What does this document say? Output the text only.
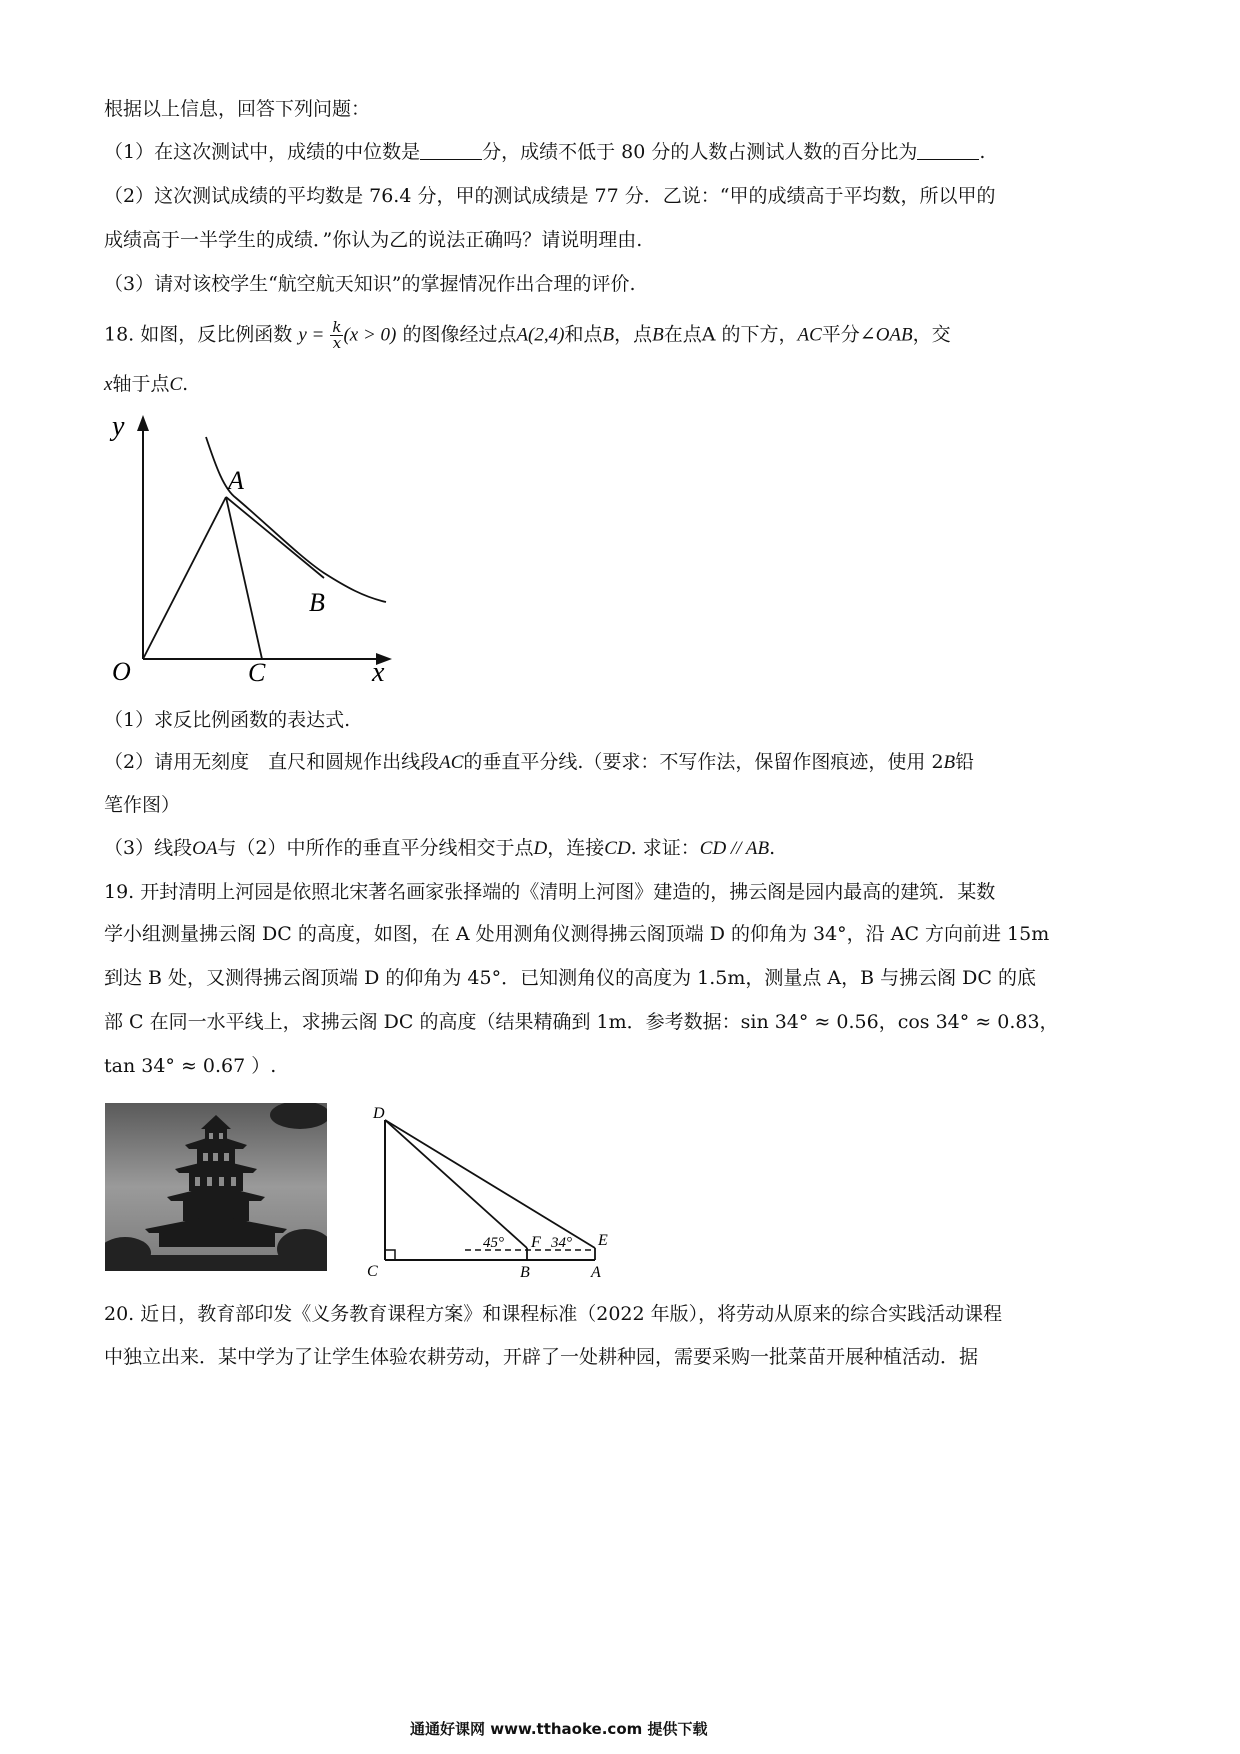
根据以上信息，回答下列问题：
（1）在这次测试中，成绩的中位数是	分，成绩不低于 80 分的人数占测试人数的百分比为	.
（2）这次测试成绩的平均数是 76.4 分，甲的测试成绩是 77 分．乙说：“甲的成绩高于平均数，所以甲的
成绩高于一半学生的成绩．”你认为乙的说法正确吗？请说明理由.
（3）请对该校学生“航空航天知识”的掌握情况作出合理的评价.
18. 如图，反比例函数 $y = \frac{k}{x} (x > 0)$ 的图像经过点A(2,4)和点B，点B在点A 的下方，AC平分∠OAB，交
x轴于点C.
y
x
O
A
B
C
（1）求反比例函数的表达式.
（2）请用无刻度　直尺和圆规作出线段AC的垂直平分线.（要求：不写作法，保留作图痕迹，使用 2B铅
笔作图）
（3）线段OA与（2）中所作的垂直平分线相交于点D，连接CD. 求证：CD // AB.
19. 开封清明上河园是依照北宋著名画家张择端的《清明上河图》建造的，拂云阁是园内最高的建筑．某数
学小组测量拂云阁 DC 的高度，如图，在 A 处用测角仪测得拂云阁顶端 D 的仰角为 34°，沿 AC 方向前进 15m
到达 B 处，又测得拂云阁顶端 D 的仰角为 45°．已知测角仪的高度为 1.5m，测量点 A，B 与拂云阁 DC 的底
部 C 在同一水平线上，求拂云阁 DC 的高度（结果精确到 1m．参考数据：sin 34° ≈ 0.56，cos 34° ≈ 0.83，
tan 34° ≈ 0.67 ）.
D
C	B	A
E
F
45°	34°
20. 近日，教育部印发《义务教育课程方案》和课程标准（2022 年版），将劳动从原来的综合实践活动课程
中独立出来．某中学为了让学生体验农耕劳动，开辟了一处耕种园，需要采购一批菜苗开展种植活动．据
通通好课网 www.tthaoke.com 提供下载
